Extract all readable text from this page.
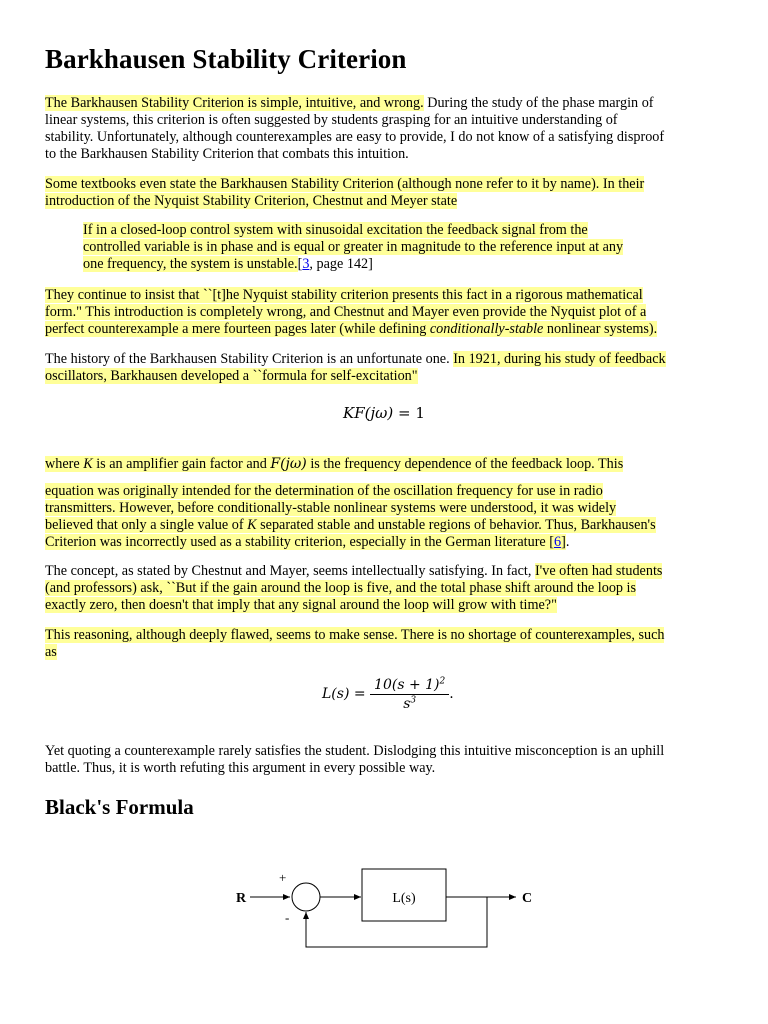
Barkhausen Stability Criterion

The Barkhausen Stability Criterion is simple, intuitive, and wrong. During the study of the phase margin of
linear systems, this criterion is often suggested by students grasping for an intuitive understanding of
stability. Unfortunately, although counterexamples are easy to provide, I do not know of a satisfying disproof
to the Barkhausen Stability Criterion that combats this intuition.

Some textbooks even state the Barkhausen Stability Criterion (although none refer to it by name). In their
introduction of the Nyquist Stability Criterion, Chestnut and Meyer state

If in a closed-loop control system with sinusoidal excitation the feedback signal from the
controlled variable is in phase and is equal or greater in magnitude to the reference input at any
one frequency, the system is unstable.[3, page 142]

They continue to insist that ``[t]he Nyquist stability criterion presents this fact in a rigorous mathematical
form." This introduction is completely wrong, and Chestnut and Mayer even provide the Nyquist plot of a
perfect counterexample a mere fourteen pages later (while defining conditionally-stable nonlinear systems).

The history of the Barkhausen Stability Criterion is an unfortunate one. In 1921, during his study of feedback
oscillators, Barkhausen developed a ``formula for self-excitation"

KF(jω) = 1

where K is an amplifier gain factor and F(jω) is the frequency dependence of the feedback loop. This

equation was originally intended for the determination of the oscillation frequency for use in radio
transmitters. However, before conditionally-stable nonlinear systems were understood, it was widely
believed that only a single value of K separated stable and unstable regions of behavior. Thus, Barkhausen's
Criterion was incorrectly used as a stability criterion, especially in the German literature [6].

The concept, as stated by Chestnut and Mayer, seems intellectually satisfying. In fact, I've often had students
(and professors) ask, ``But if the gain around the loop is five, and the total phase shift around the loop is
exactly zero, then doesn't that imply that any signal around the loop will grow with time?"

This reasoning, although deeply flawed, seems to make sense. There is no shortage of counterexamples, such
as

$L(s) = \frac{10(s + 1)^2}{s^3}$ .

Yet quoting a counterexample rarely satisfies the student. Dislodging this intuitive misconception is an uphill
battle. Thus, it is worth refuting this argument in every possible way.

Black's Formula
R
+
-
L(s)	C
